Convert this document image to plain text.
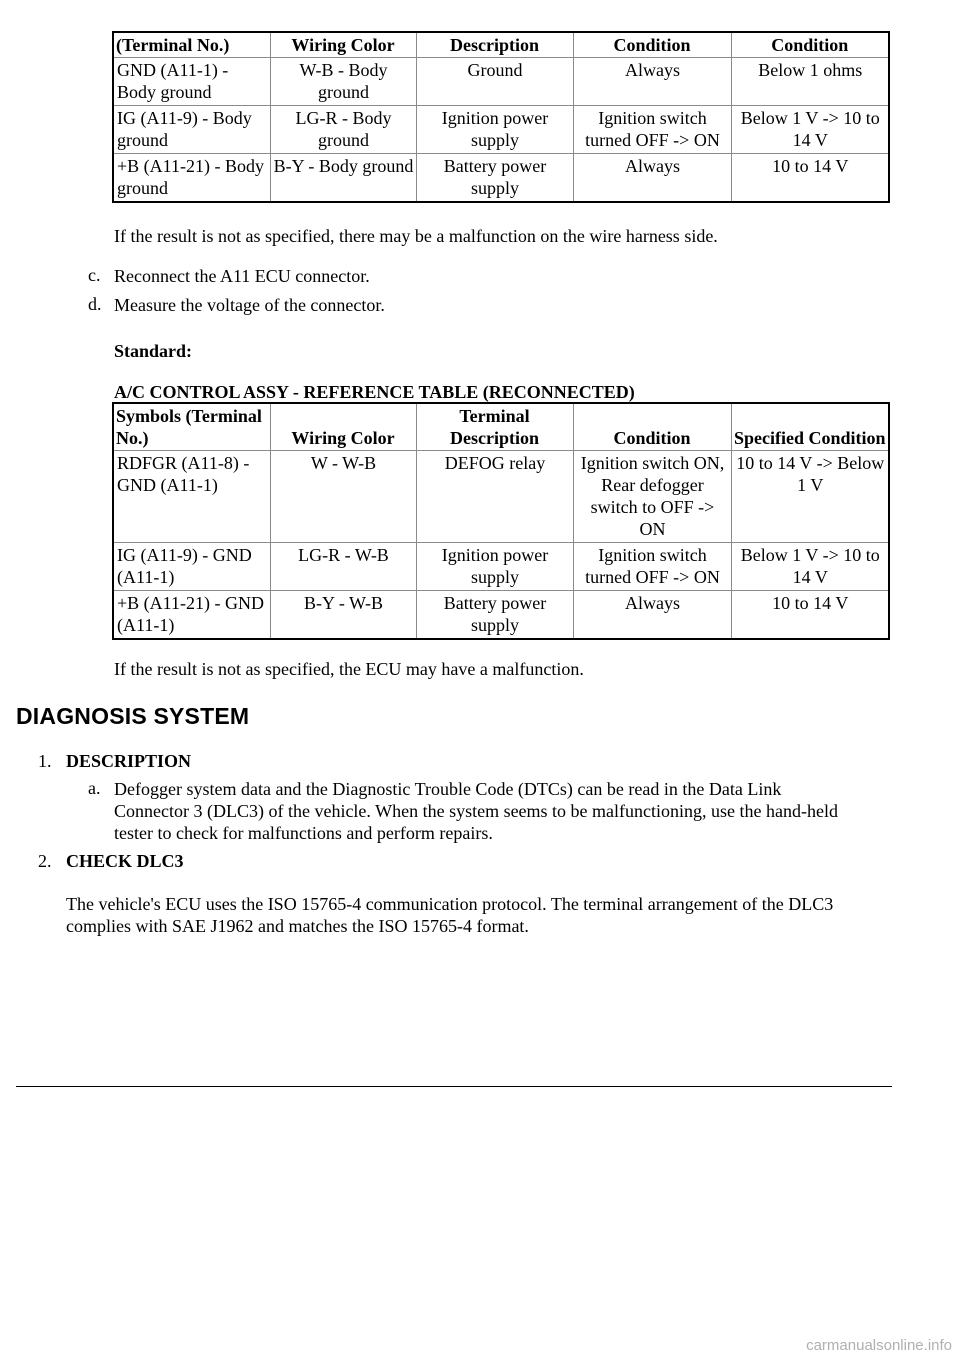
(Terminal No.)	Wiring Color	Description	Condition	Condition
GND (A11-1) - Body ground	W-B - Body ground	Ground	Always	Below 1 ohms
IG (A11-9) - Body ground	LG-R - Body ground	Ignition power supply	Ignition switch turned OFF -> ON	Below 1 V -> 10 to 14 V
+B (A11-21) - Body ground	B-Y - Body ground	Battery power supply	Always	10 to 14 V
If the result is not as specified, there may be a malfunction on the wire harness side.
c. Reconnect the A11 ECU connector.
d. Measure the voltage of the connector.
Standard:
A/C CONTROL ASSY - REFERENCE TABLE (RECONNECTED)
Symbols (Terminal No.)	Wiring Color	Terminal Description	Condition	Specified Condition
RDFGR (A11-8) - GND (A11-1)	W - W-B	DEFOG relay	Ignition switch ON, Rear defogger switch to OFF -> ON	10 to 14 V -> Below 1 V
IG (A11-9) - GND (A11-1)	LG-R - W-B	Ignition power supply	Ignition switch turned OFF -> ON	Below 1 V -> 10 to 14 V
+B (A11-21) - GND (A11-1)	B-Y - W-B	Battery power supply	Always	10 to 14 V
If the result is not as specified, the ECU may have a malfunction.
DIAGNOSIS SYSTEM
1. DESCRIPTION
a. Defogger system data and the Diagnostic Trouble Code (DTCs) can be read in the Data Link Connector 3 (DLC3) of the vehicle. When the system seems to be malfunctioning, use the hand-held tester to check for malfunctions and perform repairs.
2. CHECK DLC3
The vehicle's ECU uses the ISO 15765-4 communication protocol. The terminal arrangement of the DLC3 complies with SAE J1962 and matches the ISO 15765-4 format.
carmanualsonline.info
